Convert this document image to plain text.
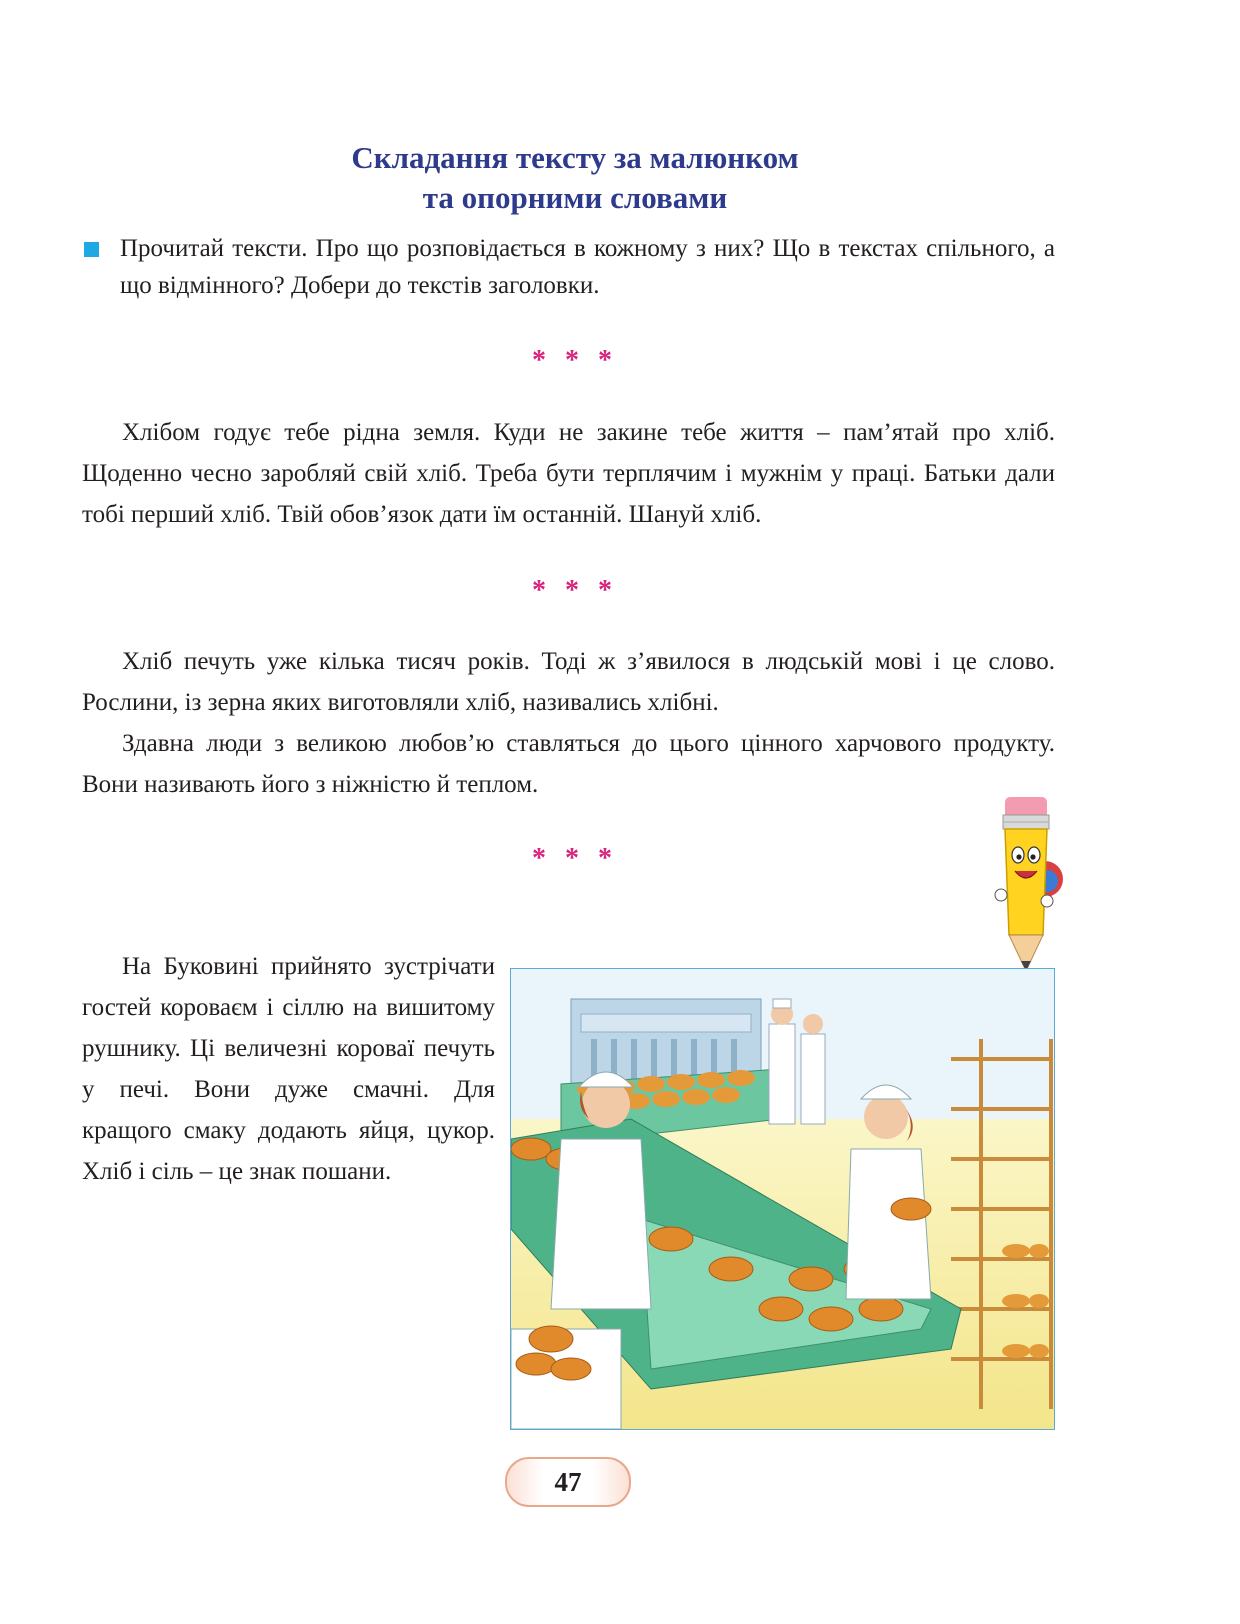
Складання тексту за малюнком
та опорними словами
Прочитай тексти. Про що розповідається в кожному з них? Що в текстах спільного, а що відмінного? Добери до текстів заголовки.
* * *

Хлібом годує тебе рідна земля. Куди не закине тебе життя – пам’ятай про хліб. Щоденно чесно заробляй свій хліб. Треба бути терплячим і мужнім у праці. Батьки дали тобі перший хліб. Твій обов’язок дати їм останній. Шануй хліб.

* * *

Хліб печуть уже кілька тисяч років. Тоді ж з’явилося в людській мові і це слово. Рослини, із зерна яких виготовляли хліб, називались хлібні.

Здавна люди з великою любов’ю ставляться до цього цінного харчового продукту. Вони називають його з ніжністю й теплом.

* * *

На Буковині прийнято зустрічати гостей короваєм і сіллю на вишитому рушнику. Ці величезні короваї печуть у печі. Вони дуже смачні. Для кращого смаку додають яйця, цукор. Хліб і сіль – це знак пошани.

47
